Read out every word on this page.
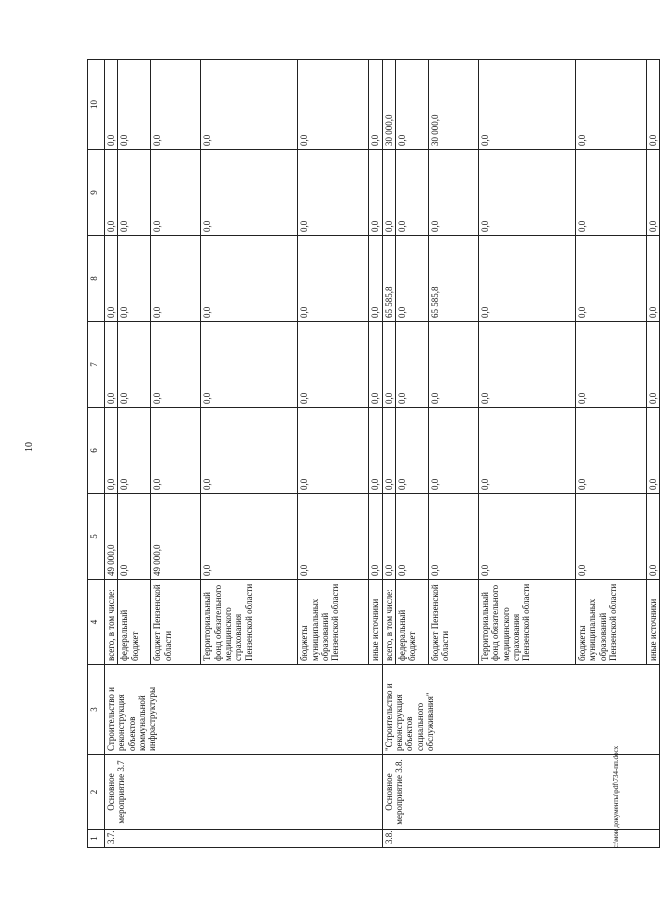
10
1	2	3	4	5	6	7	8	9	10
3.7.	Основное мероприятие 3.7	Строительство и реконструкция объектов коммунальной инфраструктуры	всего, в том числе:	49 000,0	0,0	0,0	0,0	0,0	0,0
			федеральный бюджет	0,0	0,0	0,0	0,0	0,0	0,0
			бюджет Пензенской области	49 000,0	0,0	0,0	0,0	0,0	0,0
			Территориальный фонд обязательного медицинского страхования Пензенской области	0,0	0,0	0,0	0,0	0,0	0,0
			бюджеты муниципальных образований Пензенской области	0,0	0,0	0,0	0,0	0,0	0,0
			иные источники	0,0	0,0	0,0	0,0	0,0	0,0
3.8.	Основное мероприятие 3.8.	"Строительство и реконструкция объектов социального обслуживания"	всего, в том числе:	0,0	0,0	0,0	65 585,8	0,0	30 000,0
			федеральный бюджет	0,0	0,0	0,0	0,0	0,0	0,0
			бюджет Пензенской области	0,0	0,0	0,0	65 585,8	0,0	30 000,0
			Территориальный фонд обязательного медицинского страхования Пензенской области	0,0	0,0	0,0	0,0	0,0	0,0
			бюджеты муниципальных образований Пензенской области	0,0	0,0	0,0	0,0	0,0	0,0
			иные источники	0,0	0,0	0,0	0,0	0,0	0,0
c:\мои документы\pdf\734-пп.docx
